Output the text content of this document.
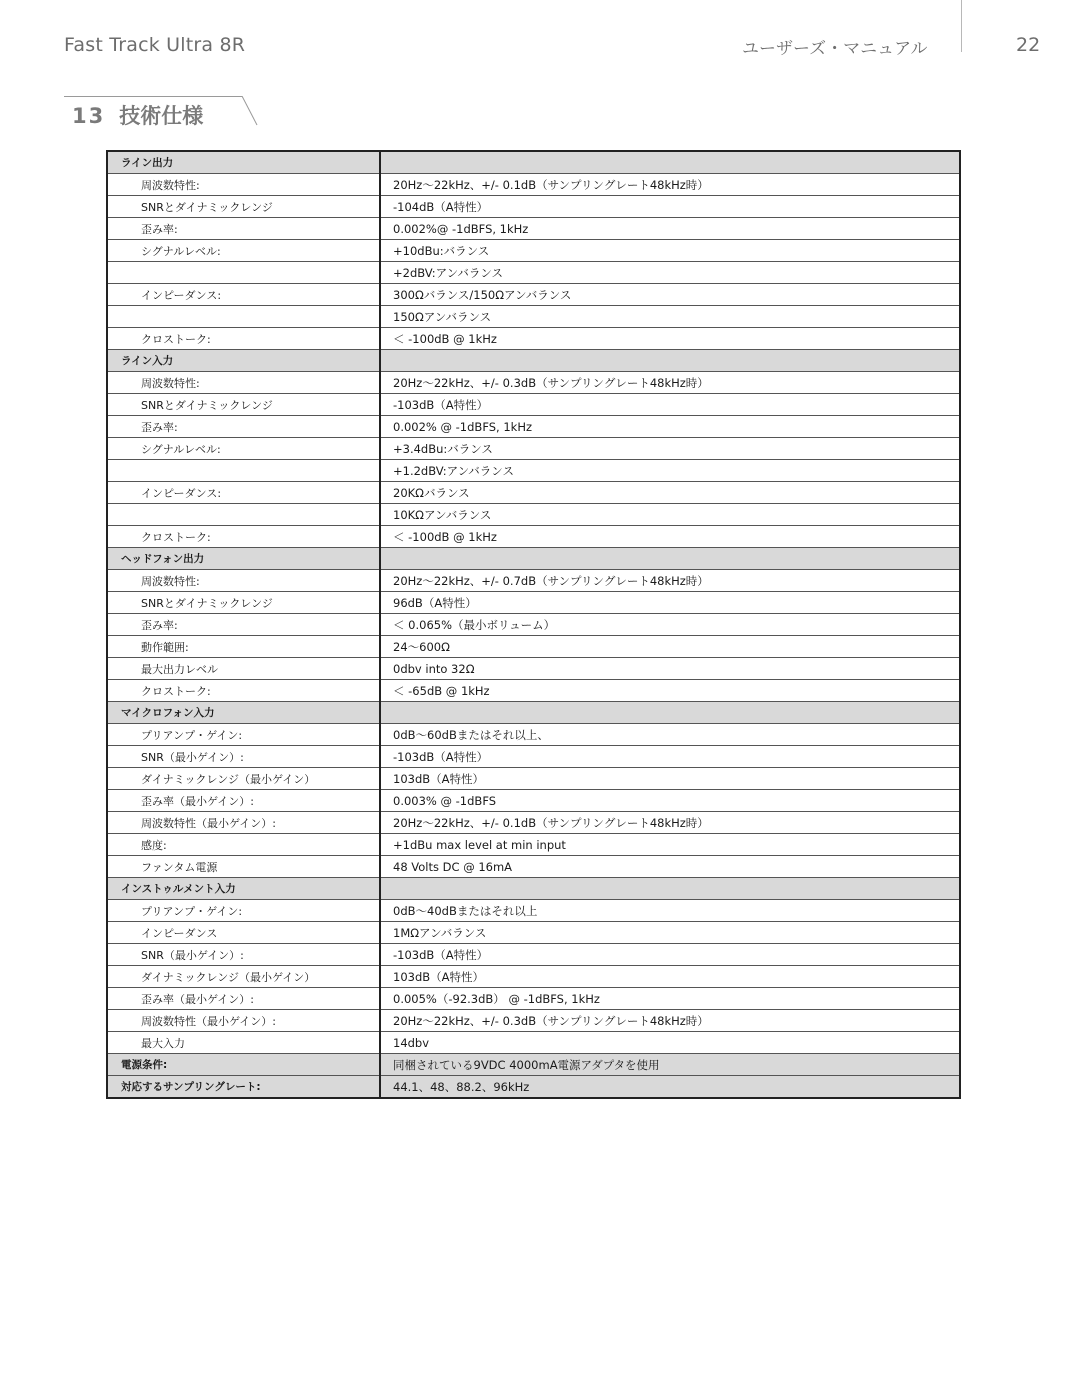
Fast Track Ultra 8R	ユーザーズ・マニュアル	22
13 技術仕様
ライン出力	
周波数特性:	20Hz〜22kHz、+/- 0.1dB（サンプリングレート48kHz時）
SNRとダイナミックレンジ	-104dB（A特性）
歪み率:	0.002%@ -1dBFS, 1kHz
シグナルレベル:	+10dBu:バランス
	+2dBV:アンバランス
インピーダンス:	300Ωバランス/150Ωアンバランス
	150Ωアンバランス
クロストーク:	＜ -100dB @ 1kHz
ライン入力	
周波数特性:	20Hz〜22kHz、+/- 0.3dB（サンプリングレート48kHz時）
SNRとダイナミックレンジ	-103dB（A特性）
歪み率:	0.002% @ -1dBFS, 1kHz
シグナルレベル:	+3.4dBu:バランス
	+1.2dBV:アンバランス
インピーダンス:	20KΩバランス
	10KΩアンバランス
クロストーク:	＜ -100dB @ 1kHz
ヘッドフォン出力	
周波数特性:	20Hz〜22kHz、+/- 0.7dB（サンプリングレート48kHz時）
SNRとダイナミックレンジ	96dB（A特性）
歪み率:	＜ 0.065%（最小ボリューム）
動作範囲:	24〜600Ω
最大出力レベル	0dbv into 32Ω
クロストーク:	＜ -65dB @ 1kHz
マイクロフォン入力	
プリアンプ・ゲイン:	0dB〜60dBまたはそれ以上、
SNR（最小ゲイン）:	-103dB（A特性）
ダイナミックレンジ（最小ゲイン）	103dB（A特性）
歪み率（最小ゲイン）:	0.003% @ -1dBFS
周波数特性（最小ゲイン）:	20Hz〜22kHz、+/- 0.1dB（サンプリングレート48kHz時）
感度:	+1dBu max level at min input
ファンタム電源	48 Volts DC @ 16mA
インストゥルメント入力	
プリアンプ・ゲイン:	0dB〜40dBまたはそれ以上
インピーダンス	1MΩアンバランス
SNR（最小ゲイン）:	-103dB（A特性）
ダイナミックレンジ（最小ゲイン）	103dB（A特性）
歪み率（最小ゲイン）:	0.005%（-92.3dB） @ -1dBFS, 1kHz
周波数特性（最小ゲイン）:	20Hz〜22kHz、+/- 0.3dB（サンプリングレート48kHz時）
最大入力	14dbv
電源条件:	同梱されている9VDC 4000mA電源アダプタを使用
対応するサンプリングレート:	44.1、48、88.2、96kHz
